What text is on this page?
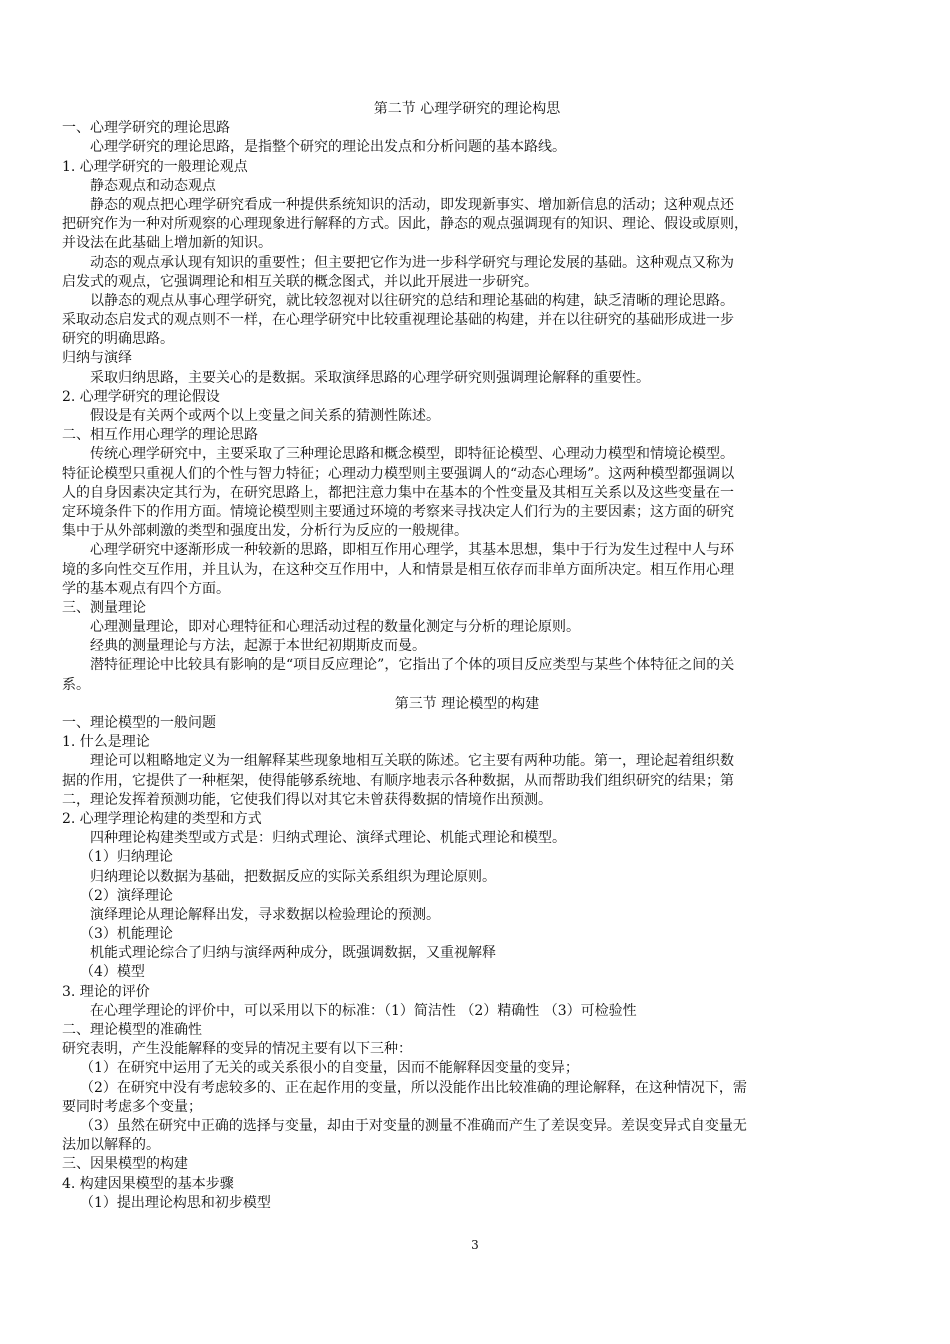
第二节 心理学研究的理论构思
一、心理学研究的理论思路
心理学研究的理论思路，是指整个研究的理论出发点和分析问题的基本路线。
1. 心理学研究的一般理论观点
静态观点和动态观点
静态的观点把心理学研究看成一种提供系统知识的活动，即发现新事实、增加新信息的活动；这种观点还
把研究作为一种对所观察的心理现象进行解释的方式。因此，静态的观点强调现有的知识、理论、假设或原则，
并设法在此基础上增加新的知识。
动态的观点承认现有知识的重要性；但主要把它作为进一步科学研究与理论发展的基础。这种观点又称为
启发式的观点，它强调理论和相互关联的概念图式，并以此开展进一步研究。
以静态的观点从事心理学研究，就比较忽视对以往研究的总结和理论基础的构建，缺乏清晰的理论思路。
采取动态启发式的观点则不一样，在心理学研究中比较重视理论基础的构建，并在以往研究的基础形成进一步
研究的明确思路。
归纳与演绎
采取归纳思路，主要关心的是数据。采取演绎思路的心理学研究则强调理论解释的重要性。
2. 心理学研究的理论假设
假设是有关两个或两个以上变量之间关系的猜测性陈述。
二、相互作用心理学的理论思路
传统心理学研究中，主要采取了三种理论思路和概念模型，即特征论模型、心理动力模型和情境论模型。
特征论模型只重视人们的个性与智力特征；心理动力模型则主要强调人的“动态心理场”。这两种模型都强调以
人的自身因素决定其行为，在研究思路上，都把注意力集中在基本的个性变量及其相互关系以及这些变量在一
定环境条件下的作用方面。情境论模型则主要通过环境的考察来寻找决定人们行为的主要因素；这方面的研究
集中于从外部刺激的类型和强度出发，分析行为反应的一般规律。
心理学研究中逐渐形成一种较新的思路，即相互作用心理学，其基本思想，集中于行为发生过程中人与环
境的多向性交互作用，并且认为，在这种交互作用中，人和情景是相互依存而非单方面所决定。相互作用心理
学的基本观点有四个方面。
三、测量理论
心理测量理论，即对心理特征和心理活动过程的数量化测定与分析的理论原则。
经典的测量理论与方法，起源于本世纪初期斯皮而曼。
潜特征理论中比较具有影响的是“项目反应理论”，它指出了个体的项目反应类型与某些个体特征之间的关
系。
第三节 理论模型的构建
一、理论模型的一般问题
1. 什么是理论
理论可以粗略地定义为一组解释某些现象地相互关联的陈述。它主要有两种功能。第一，理论起着组织数
据的作用，它提供了一种框架，使得能够系统地、有顺序地表示各种数据，从而帮助我们组织研究的结果；第
二，理论发挥着预测功能，它使我们得以对其它未曾获得数据的情境作出预测。
2. 心理学理论构建的类型和方式
四种理论构建类型或方式是：归纳式理论、演绎式理论、机能式理论和模型。
（1）归纳理论
归纳理论以数据为基础，把数据反应的实际关系组织为理论原则。
（2）演绎理论
演绎理论从理论解释出发，寻求数据以检验理论的预测。
（3）机能理论
机能式理论综合了归纳与演绎两种成分，既强调数据，又重视解释
（4）模型
3. 理论的评价
在心理学理论的评价中，可以采用以下的标准：（1）简洁性 （2）精确性 （3）可检验性
二、理论模型的准确性
研究表明，产生没能解释的变异的情况主要有以下三种：
（1）在研究中运用了无关的或关系很小的自变量，因而不能解释因变量的变异；
（2）在研究中没有考虑较多的、正在起作用的变量，所以没能作出比较准确的理论解释，在这种情况下，需
要同时考虑多个变量；
（3）虽然在研究中正确的选择与变量，却由于对变量的测量不准确而产生了差误变异。差误变异式自变量无
法加以解释的。
三、因果模型的构建
4. 构建因果模型的基本步骤
（1）提出理论构思和初步模型
3
